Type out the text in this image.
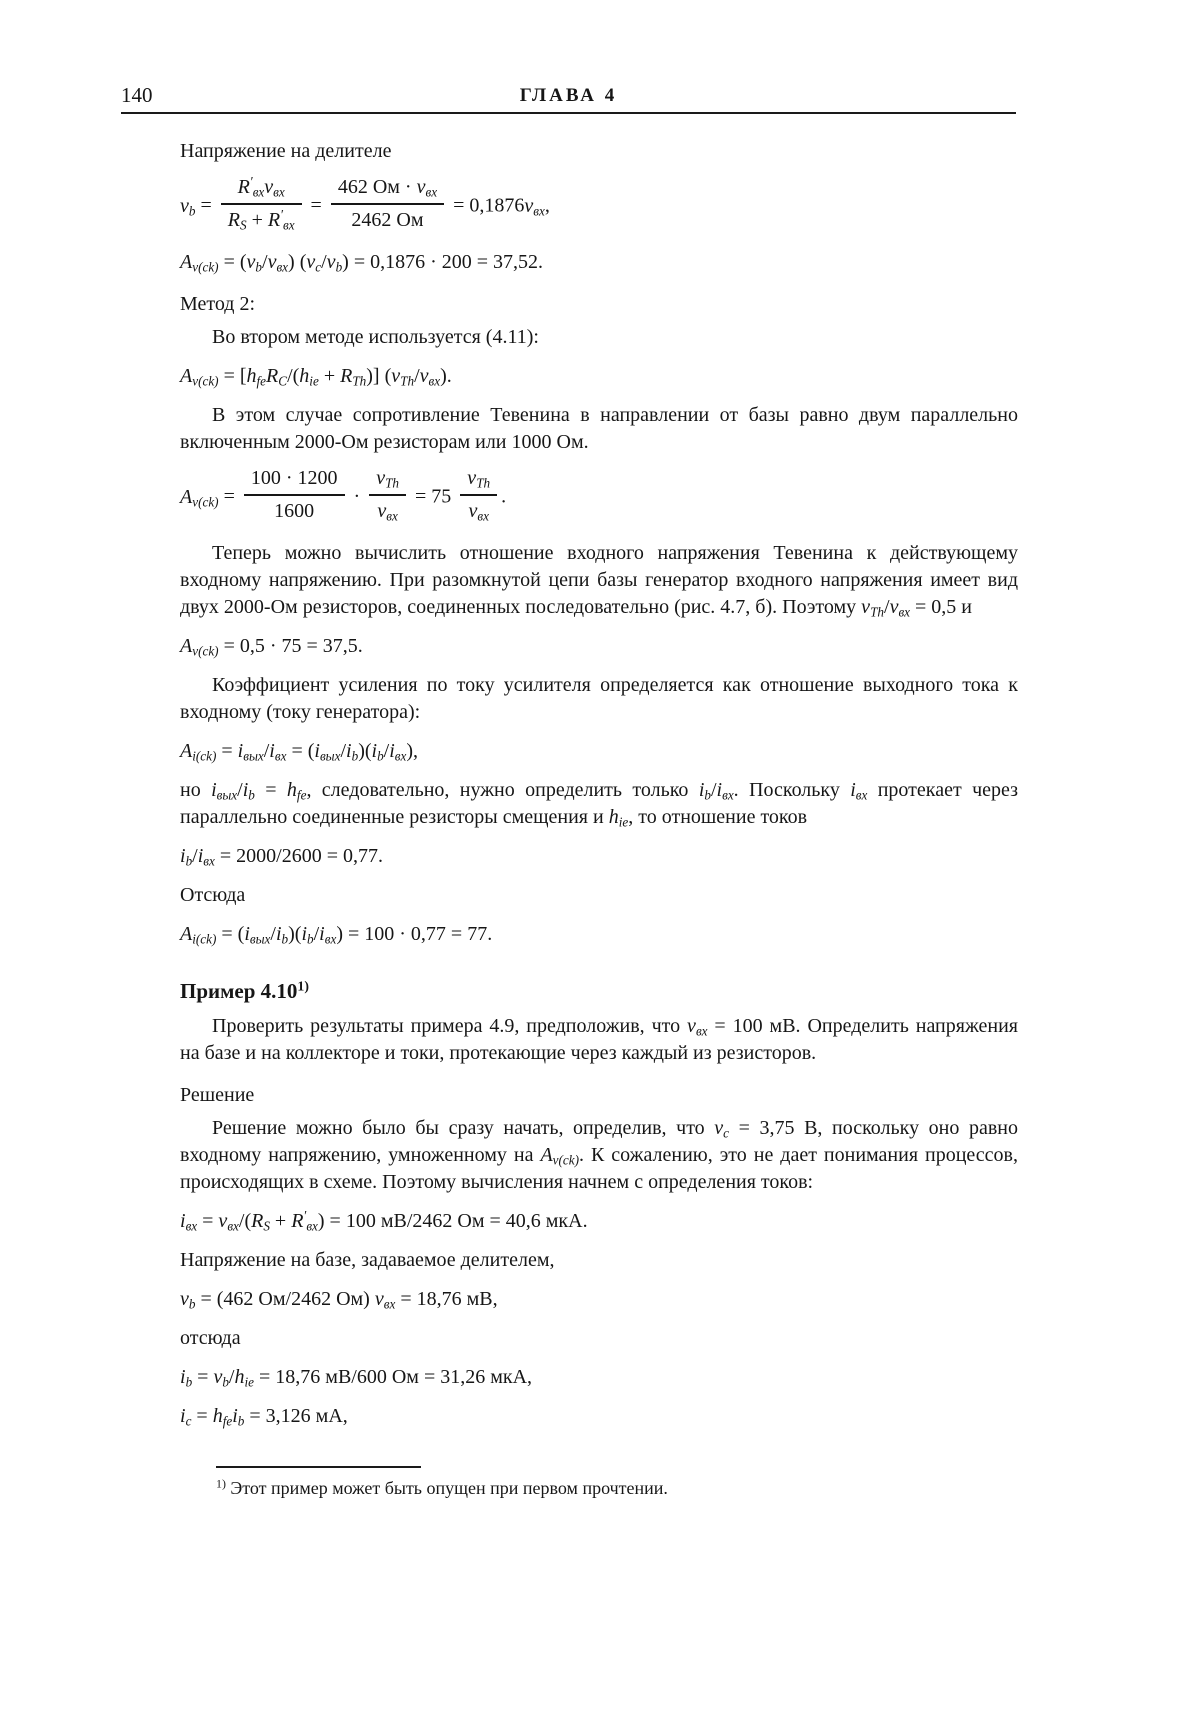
140	ГЛАВА 4
Напряжение на делителе
$v_b = \frac{R'_{вх}v_{вх}}{R_S + R'_{вх}} = \frac{462 Ом \cdot v_{вх}}{2462 Ом} = 0,1876v_{вх}$,
$A_{v(ck)} = (v_b/v_{вх}) (v_c/v_b) = 0,1876 \cdot 200 = 37,52$.
Метод 2:
Во втором методе используется (4.11):
$A_{v(ck)} = [h_{fe}R_C/(h_{ie} + R_{Th})]$ $(v_{Th}/v_{вх})$.
В этом случае сопротивление Тевенина в направлении от базы равно двум параллельно включенным 2000-Ом резисторам или 1000 Ом.
$A_{v(ck)} = \frac{100 \cdot 1200}{1600} \cdot \frac{v_{Th}}{v_{вх}} = 75 \frac{v_{Th}}{v_{вх}}$ .
Теперь можно вычислить отношение входного напряжения Тевенина к действующему входному напряжению. При разомкнутой цепи базы генератор входного напряжения имеет вид двух 2000-Ом резисторов, соединенных последовательно (рис. 4.7, б). Поэтому $v_{Th}/v_{вх} = 0,5$ и
$A_{v(ck)} = 0,5 \cdot 75 = 37,5$.
Коэффициент усиления по току усилителя определяется как отношение выходного тока к входному (току генератора):
$A_{i(ck)} = i_{вых}/i_{вх} = (i_{вых}/i_b)(i_b/i_{вх})$,
но $i_{вых}/i_b = h_{fe}$, следовательно, нужно определить только $i_b/i_{вх}$. Поскольку $i_{вх}$ протекает через параллельно соединенные резисторы смещения и $h_{ie}$, то отношение токов
$i_b/i_{вх} = 2000/2600 = 0,77$.
Отсюда
$A_{i(ck)} = (i_{вых}/i_b)(i_b/i_{вх}) = 100 \cdot 0,77 = 77$.
Пример 4.10$^{1)}$
Проверить результаты примера 4.9, предположив, что $v_{вх} = 100$ мВ. Определить напряжения на базе и на коллекторе и токи, протекающие через каждый из резисторов.
Решение
Решение можно было бы сразу начать, определив, что $v_c = 3,75$ В, поскольку оно равно входному напряжению, умноженному на $A_{v(ck)}$. К сожалению, это не дает понимания процессов, происходящих в схеме. Поэтому вычисления начнем с определения токов:
$i_{вх} = v_{вх}/(R_S + R'_{вх}) = 100$ мВ/2462 Ом = 40,6 мкА.
Напряжение на базе, задаваемое делителем,
$v_b = (462$ Ом/2462 Ом) $v_{вх} = 18,76$ мВ,
отсюда
$i_b = v_b/h_{ie} = 18,76$ мВ/600 Ом = 31,26 мкА,
$i_c = h_{fe}i_b = 3,126$ мА,
$^{1)}$ Этот пример может быть опущен при первом прочтении.
